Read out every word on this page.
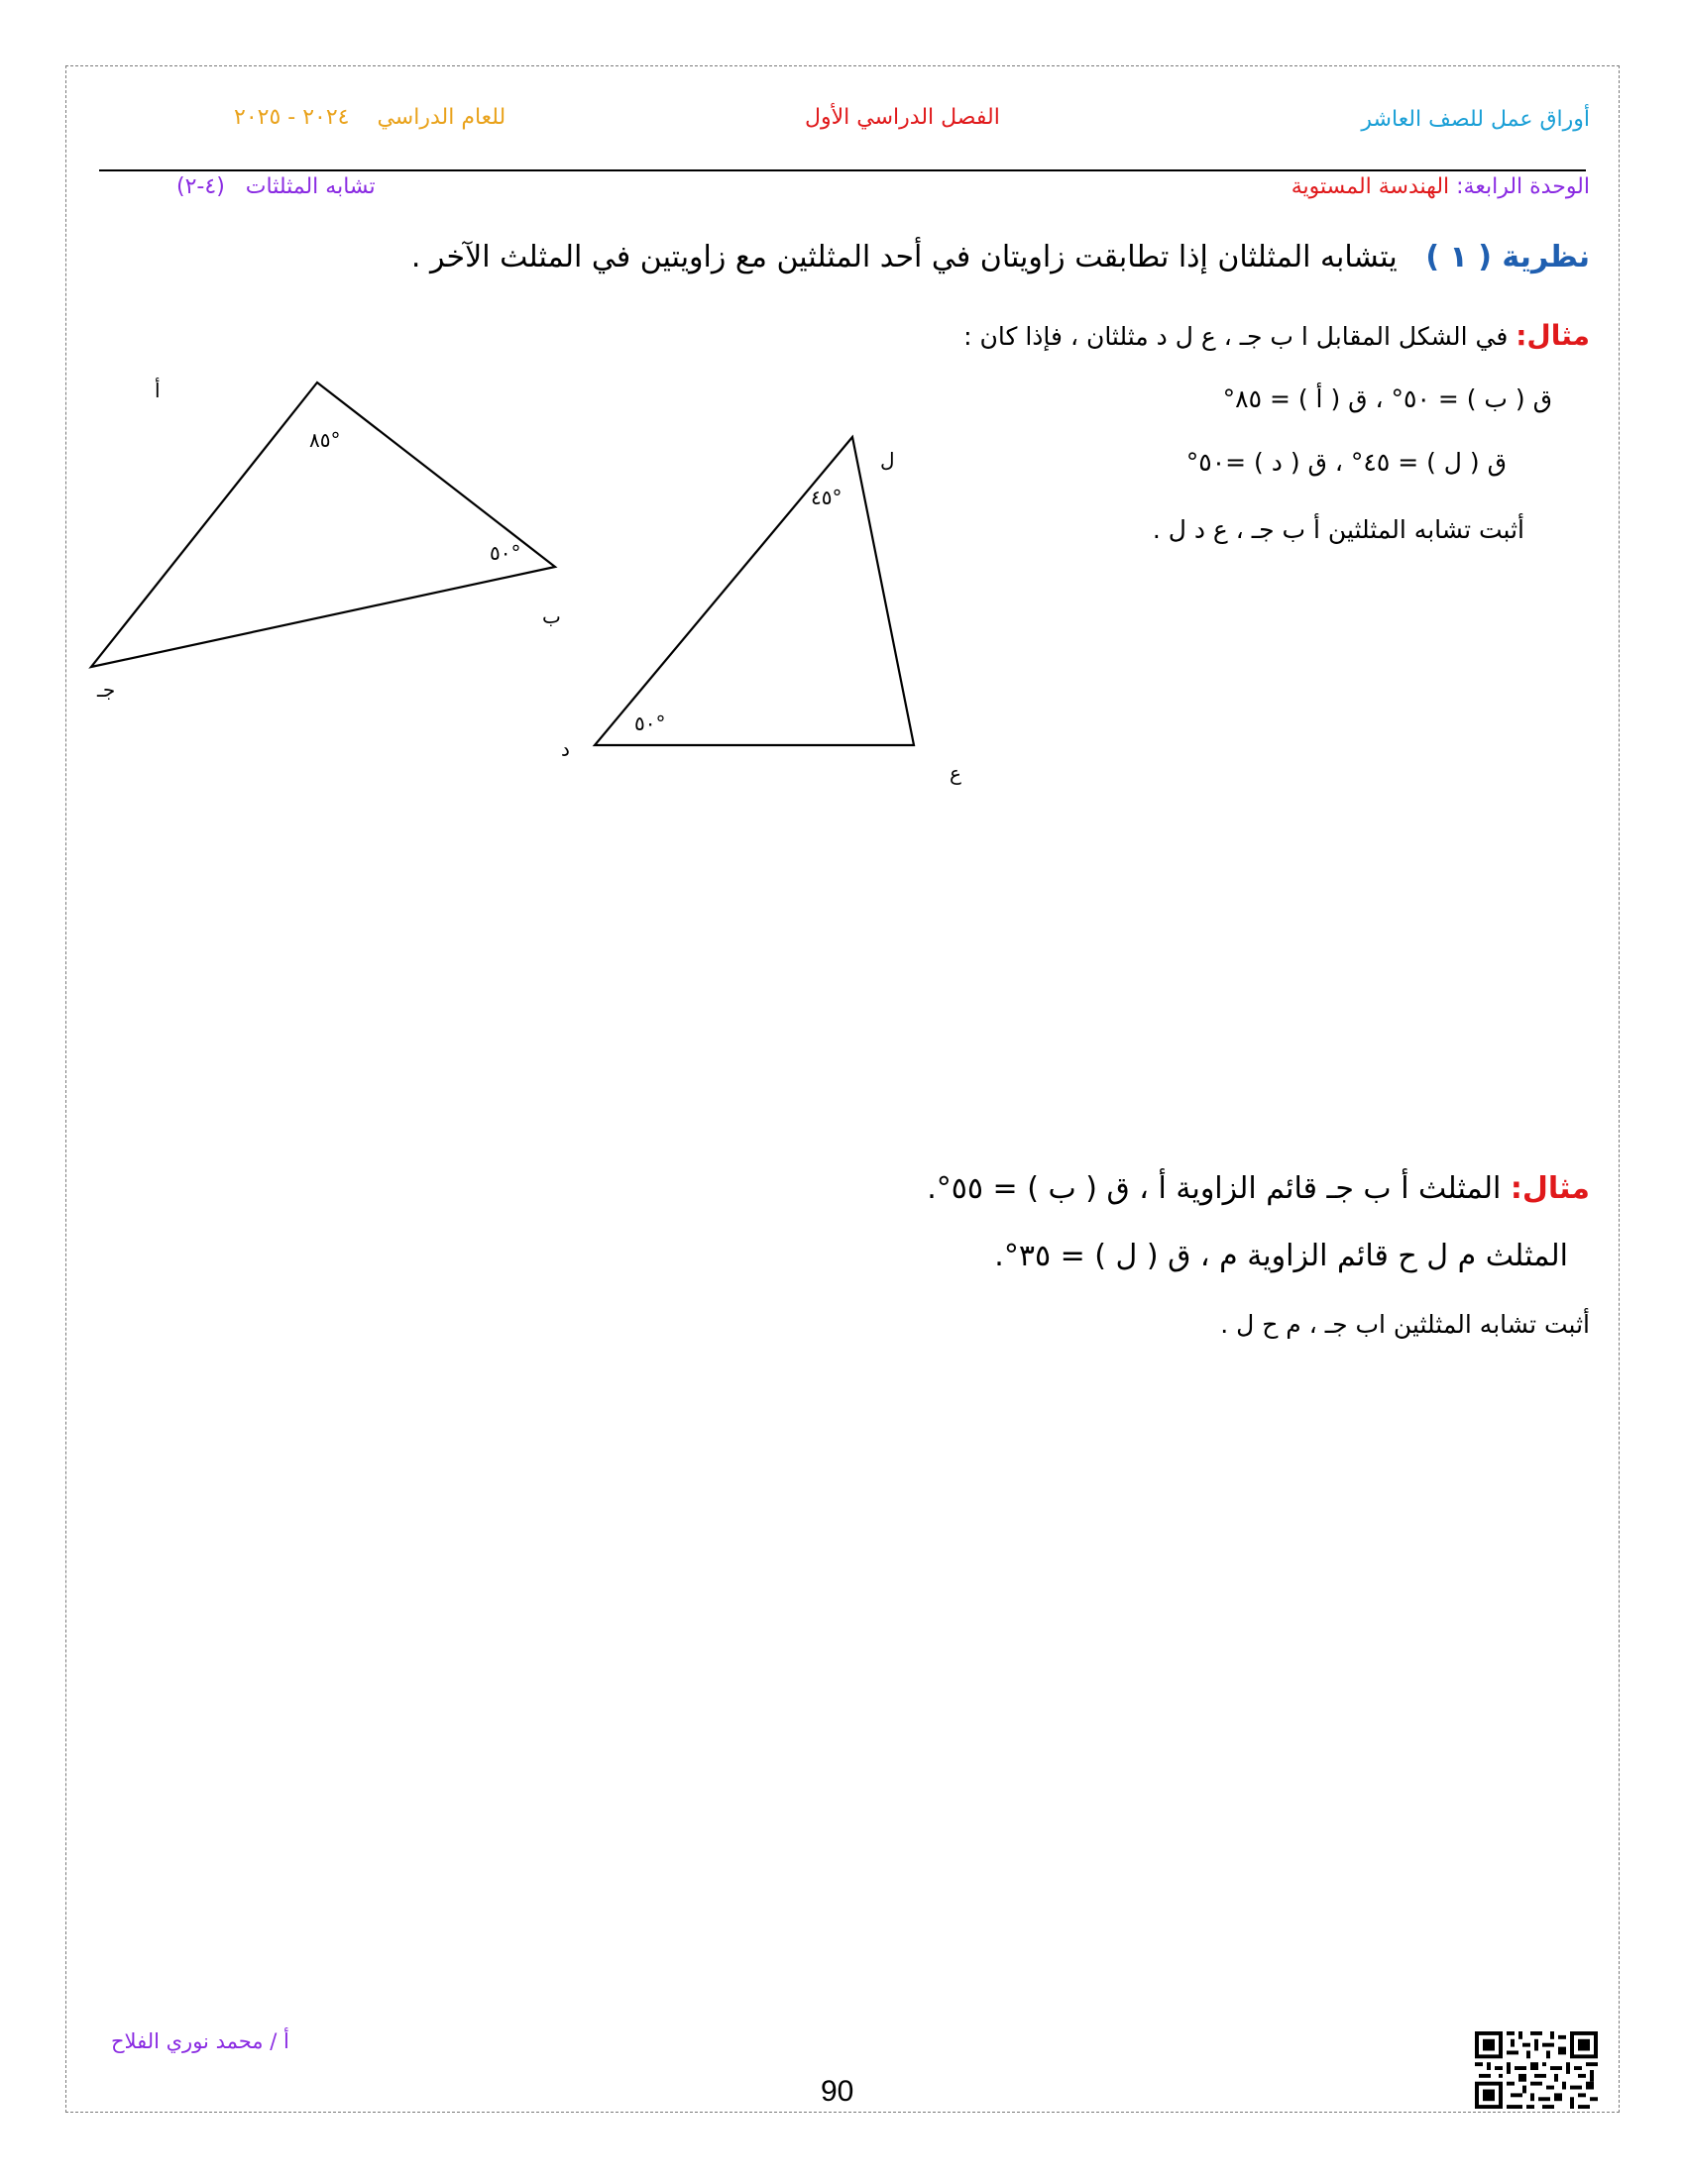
أوراق عمل للصف العاشر
الفصل الدراسي الأول
للعام الدراسي    ٢٠٢٤ - ٢٠٢٥
الوحدة الرابعة: الهندسة المستوية
تشابه المثلثات   (٤-٢)
نظرية ( ١ )   يتشابه المثلثان إذا تطابقت زاويتان في أحد المثلثين مع زاويتين في المثلث الآخر .
مثال: في الشكل المقابل ا ب جـ ، ع ل د مثلثان ، فإذا كان :
ق ( ب ) = ٥٠° ، ق ( أ ) = ٨٥°
ق ( ل ) = ٤٥° ، ق ( د ) =٥٠°
أثبت تشابه المثلثين أ ب جـ ، ع د ل .
أ
ب
جـ
٨٥°
٥٠°
ل
د
ع
٤٥°
٥٠°
مثال: المثلث أ ب جـ قائم الزاوية أ ، ق ( ب ) = ٥٥°.
المثلث م ل ح قائم الزاوية م ، ق ( ل ) = ٣٥°.
أثبت تشابه المثلثين اب جـ ، م ح ل .
أ / محمد نوري الفلاح
90
